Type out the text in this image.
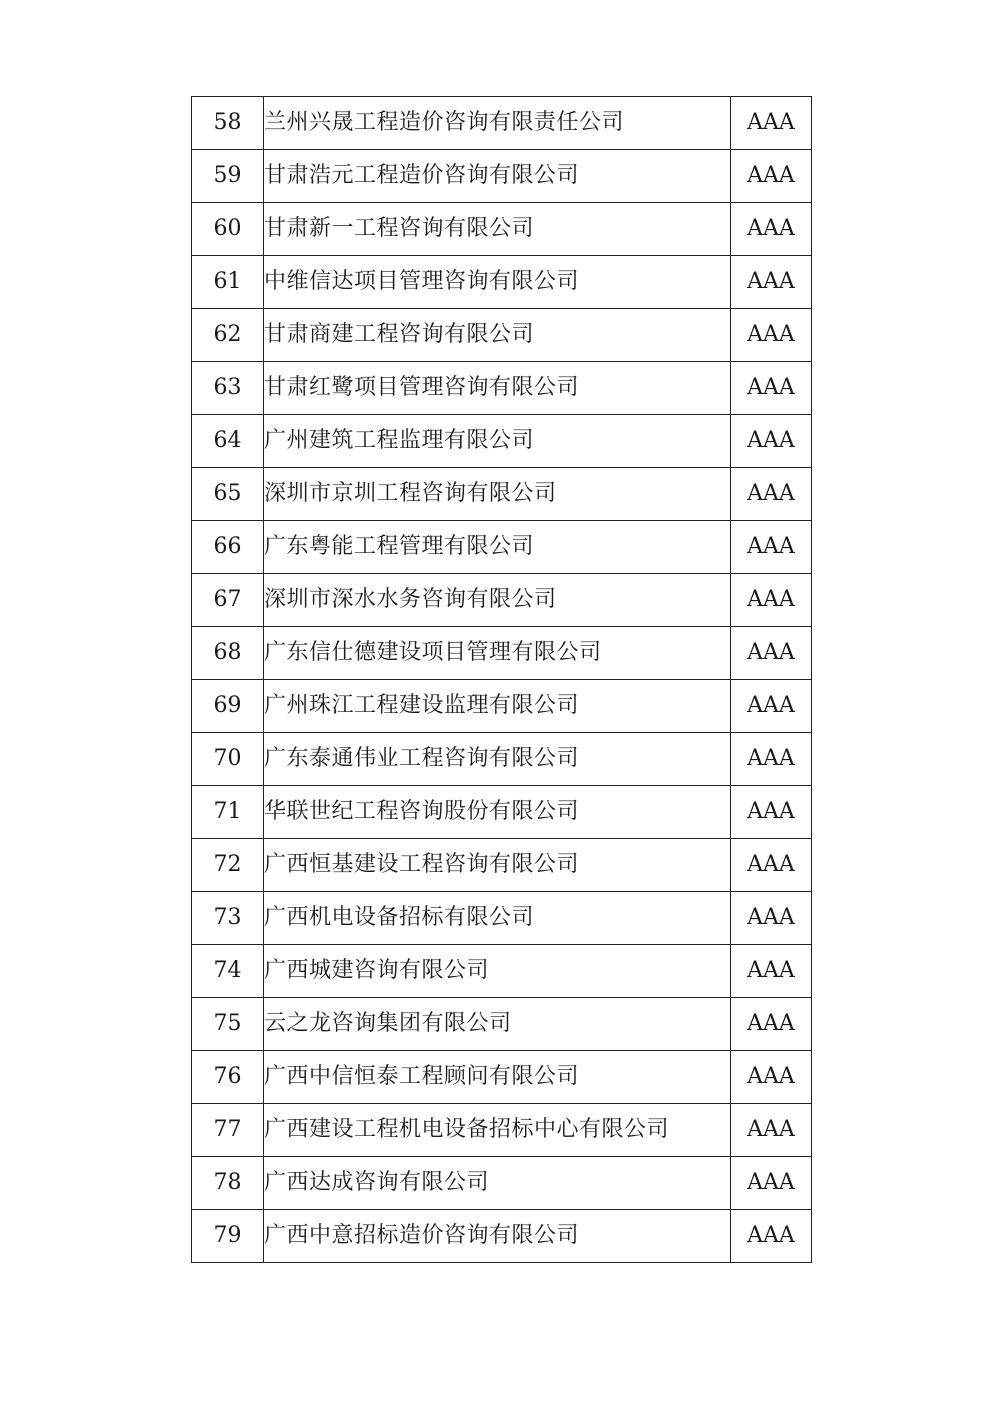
58	兰州兴晟工程造价咨询有限责任公司	AAA
59	甘肃浩元工程造价咨询有限公司	AAA
60	甘肃新一工程咨询有限公司	AAA
61	中维信达项目管理咨询有限公司	AAA
62	甘肃商建工程咨询有限公司	AAA
63	甘肃红鹭项目管理咨询有限公司	AAA
64	广州建筑工程监理有限公司	AAA
65	深圳市京圳工程咨询有限公司	AAA
66	广东粤能工程管理有限公司	AAA
67	深圳市深水水务咨询有限公司	AAA
68	广东信仕德建设项目管理有限公司	AAA
69	广州珠江工程建设监理有限公司	AAA
70	广东泰通伟业工程咨询有限公司	AAA
71	华联世纪工程咨询股份有限公司	AAA
72	广西恒基建设工程咨询有限公司	AAA
73	广西机电设备招标有限公司	AAA
74	广西城建咨询有限公司	AAA
75	云之龙咨询集团有限公司	AAA
76	广西中信恒泰工程顾问有限公司	AAA
77	广西建设工程机电设备招标中心有限公司	AAA
78	广西达成咨询有限公司	AAA
79	广西中意招标造价咨询有限公司	AAA
